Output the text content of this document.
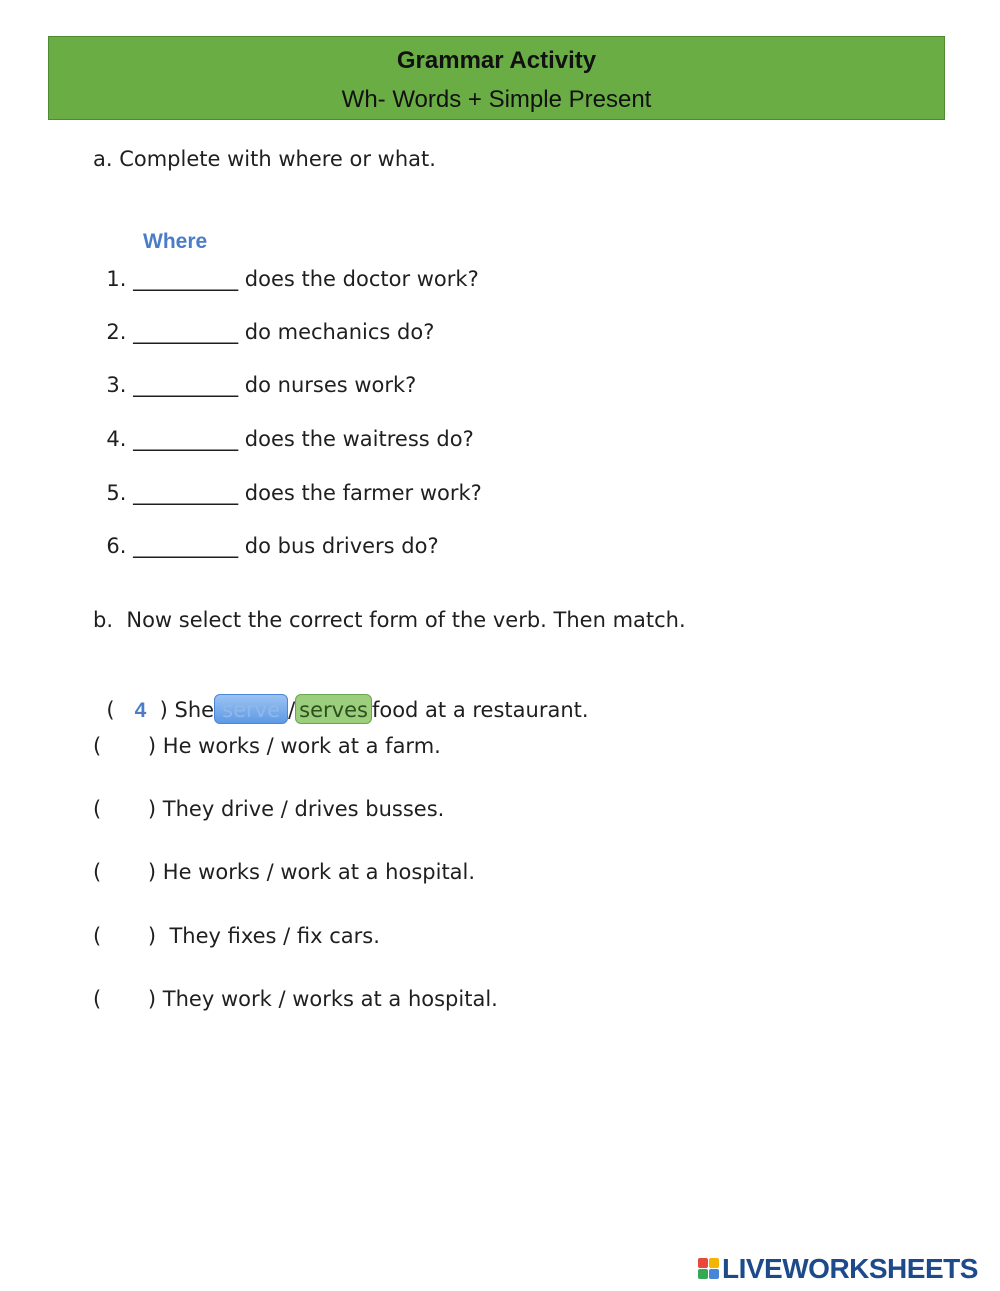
Grammar Activity
Wh- Words + Simple Present
a. Complete with where or what.
Where

1. __________ does the doctor work?

2. __________ do mechanics do?

3. __________ do nurses work?

4. __________ does the waitress do?

5. __________ does the farmer work?

6. __________ do bus drivers do?

b.  Now select the correct form of the verb. Then match.

( 4 ) She serve / serves food at a restaurant.

(       ) He works / work at a farm.
(       ) They drive / drives busses.
(       ) He works / work at a hospital.
(       )  They fixes / fix cars.
(       ) They work / works at a hospital.
LIVEWORKSHEETS
